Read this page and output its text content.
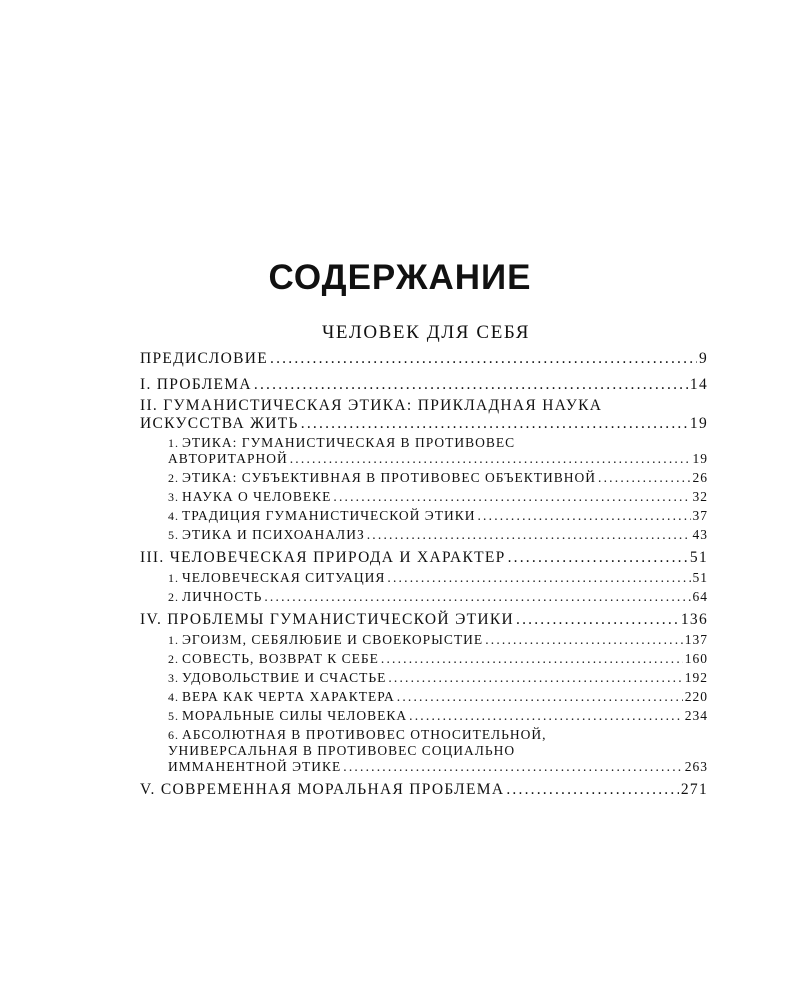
СОДЕРЖАНИЕ
ЧЕЛОВЕК ДЛЯ СЕБЯ
ПРЕДИСЛОВИЕ .....	9
I. ПРОБЛЕМА .....	14
II. ГУМАНИСТИЧЕСКАЯ ЭТИКА: ПРИКЛАДНАЯ НАУКА
ИСКУССТВА ЖИТЬ .....	19
1. ЭТИКА: ГУМАНИСТИЧЕСКАЯ В ПРОТИВОВЕС
АВТОРИТАРНОЙ .....	19
2. ЭТИКА: СУБЪЕКТИВНАЯ В ПРОТИВОВЕС ОБЪЕКТИВНОЙ .....	26
3. НАУКА О ЧЕЛОВЕКЕ .....	32
4. ТРАДИЦИЯ ГУМАНИСТИЧЕСКОЙ ЭТИКИ .....	37
5. ЭТИКА И ПСИХОАНАЛИЗ .....	43
III. ЧЕЛОВЕЧЕСКАЯ ПРИРОДА И ХАРАКТЕР .....	51
1. ЧЕЛОВЕЧЕСКАЯ СИТУАЦИЯ .....	51
2. ЛИЧНОСТЬ .....	64
IV. ПРОБЛЕМЫ ГУМАНИСТИЧЕСКОЙ ЭТИКИ .....	136
1. ЭГОИЗМ, СЕБЯЛЮБИЕ И СВОЕКОРЫСТИЕ .....	137
2. СОВЕСТЬ, ВОЗВРАТ К СЕБЕ .....	160
3. УДОВОЛЬСТВИЕ И СЧАСТЬЕ .....	192
4. ВЕРА КАК ЧЕРТА ХАРАКТЕРА .....	220
5. МОРАЛЬНЫЕ СИЛЫ ЧЕЛОВЕКА .....	234
6. АБСОЛЮТНАЯ В ПРОТИВОВЕС ОТНОСИТЕЛЬНОЙ,
УНИВЕРСАЛЬНАЯ В ПРОТИВОВЕС СОЦИАЛЬНО
ИММАНЕНТНОЙ ЭТИКЕ .....	263
V. СОВРЕМЕННАЯ МОРАЛЬНАЯ ПРОБЛЕМА .....	271
